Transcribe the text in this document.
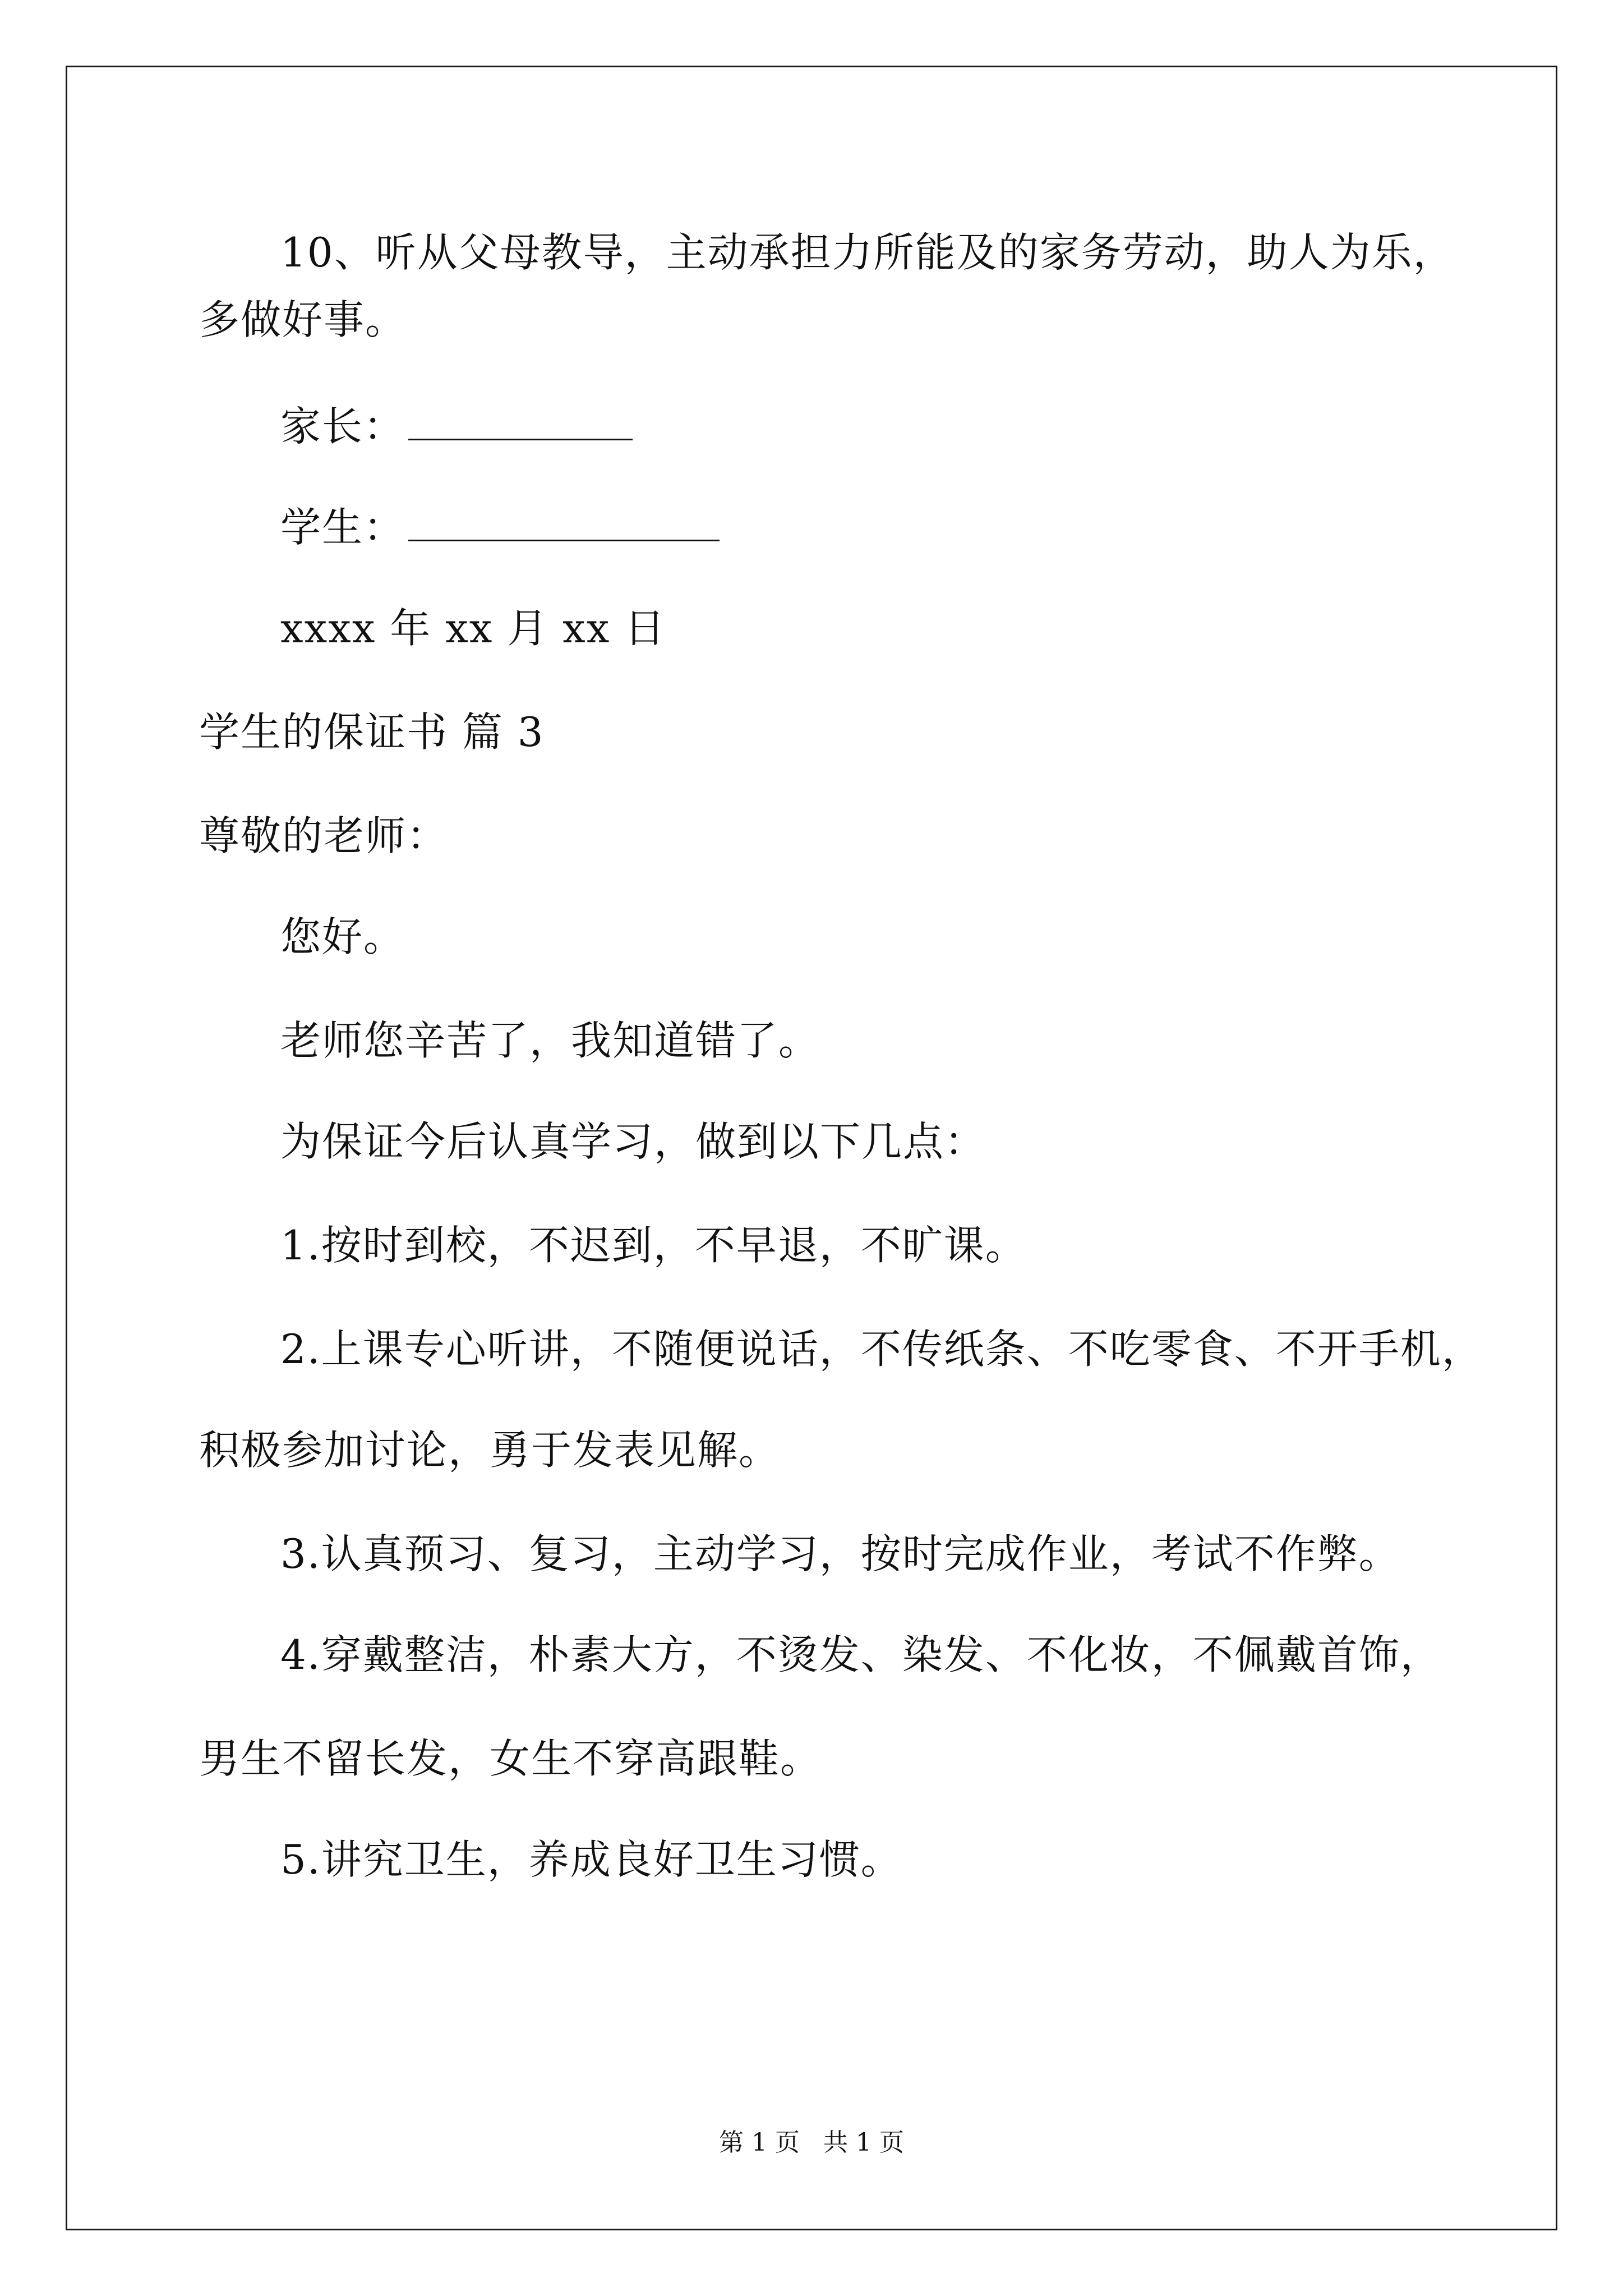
10、听从父母教导，主动承担力所能及的家务劳动，助人为乐，
多做好事。
家长：
学生：
xxxx 年 xx 月 xx 日
学生的保证书 篇 3
尊敬的老师：
您好。
老师您辛苦了，我知道错了。
为保证今后认真学习，做到以下几点：
1.按时到校，不迟到，不早退，不旷课。
2.上课专心听讲，不随便说话，不传纸条、不吃零食、不开手机，
积极参加讨论，勇于发表见解。
3.认真预习、复习，主动学习，按时完成作业，考试不作弊。
4.穿戴整洁，朴素大方，不烫发、染发、不化妆，不佩戴首饰，
男生不留长发，女生不穿高跟鞋。
5.讲究卫生，养成良好卫生习惯。
第 1 页 共 1 页
